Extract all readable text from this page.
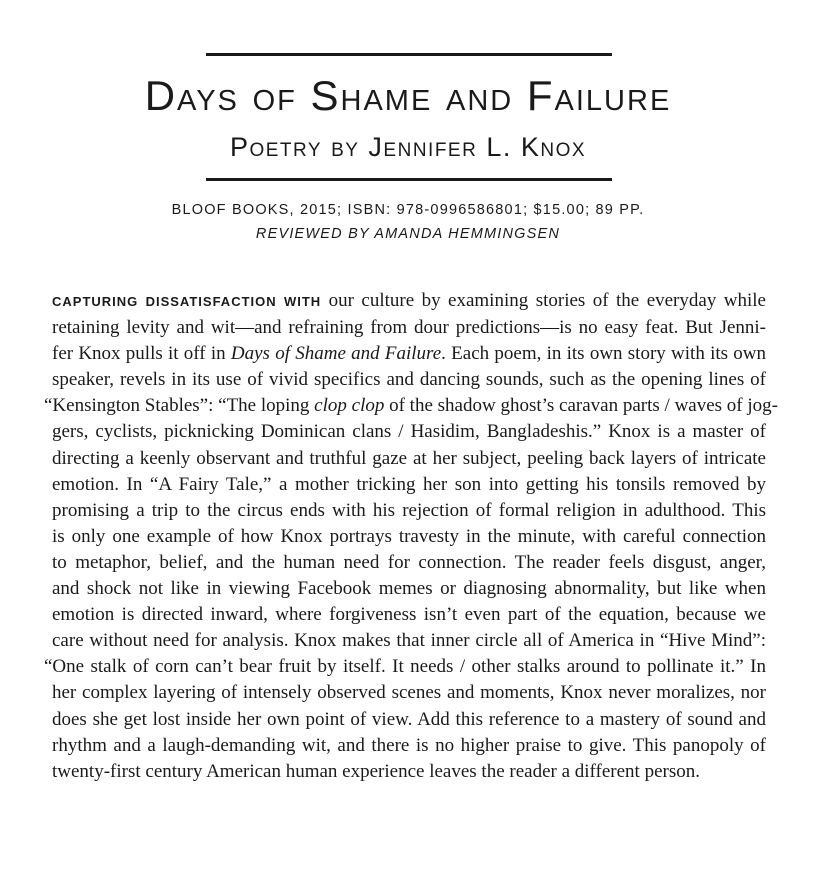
Days of Shame and Failure
Poetry by Jennifer L. Knox
BLOOF BOOKS, 2015; ISBN: 978-0996586801; $15.00; 89 PP.
REVIEWED BY AMANDA HEMMINGSEN
CAPTURING DISSATISFACTION WITH our culture by examining stories of the everyday while
retaining levity and wit—and refraining from dour predictions—is no easy feat. But Jenni-
fer Knox pulls it off in Days of Shame and Failure. Each poem, in its own story with its own
speaker, revels in its use of vivid specifics and dancing sounds, such as the opening lines of
“Kensington Stables”: “The loping clop clop of the shadow ghost’s caravan parts / waves of jog-
gers, cyclists, picknicking Dominican clans / Hasidim, Bangladeshis.” Knox is a master of
directing a keenly observant and truthful gaze at her subject, peeling back layers of intricate
emotion. In “A Fairy Tale,” a mother tricking her son into getting his tonsils removed by
promising a trip to the circus ends with his rejection of formal religion in adulthood. This
is only one example of how Knox portrays travesty in the minute, with careful connection
to metaphor, belief, and the human need for connection. The reader feels disgust, anger,
and shock not like in viewing Facebook memes or diagnosing abnormality, but like when
emotion is directed inward, where forgiveness isn’t even part of the equation, because we
care without need for analysis. Knox makes that inner circle all of America in “Hive Mind”:
“One stalk of corn can’t bear fruit by itself. It needs / other stalks around to pollinate it.” In
her complex layering of intensely observed scenes and moments, Knox never moralizes, nor
does she get lost inside her own point of view. Add this reference to a mastery of sound and
rhythm and a laugh-demanding wit, and there is no higher praise to give. This panopoly of
twenty-first century American human experience leaves the reader a different person.
